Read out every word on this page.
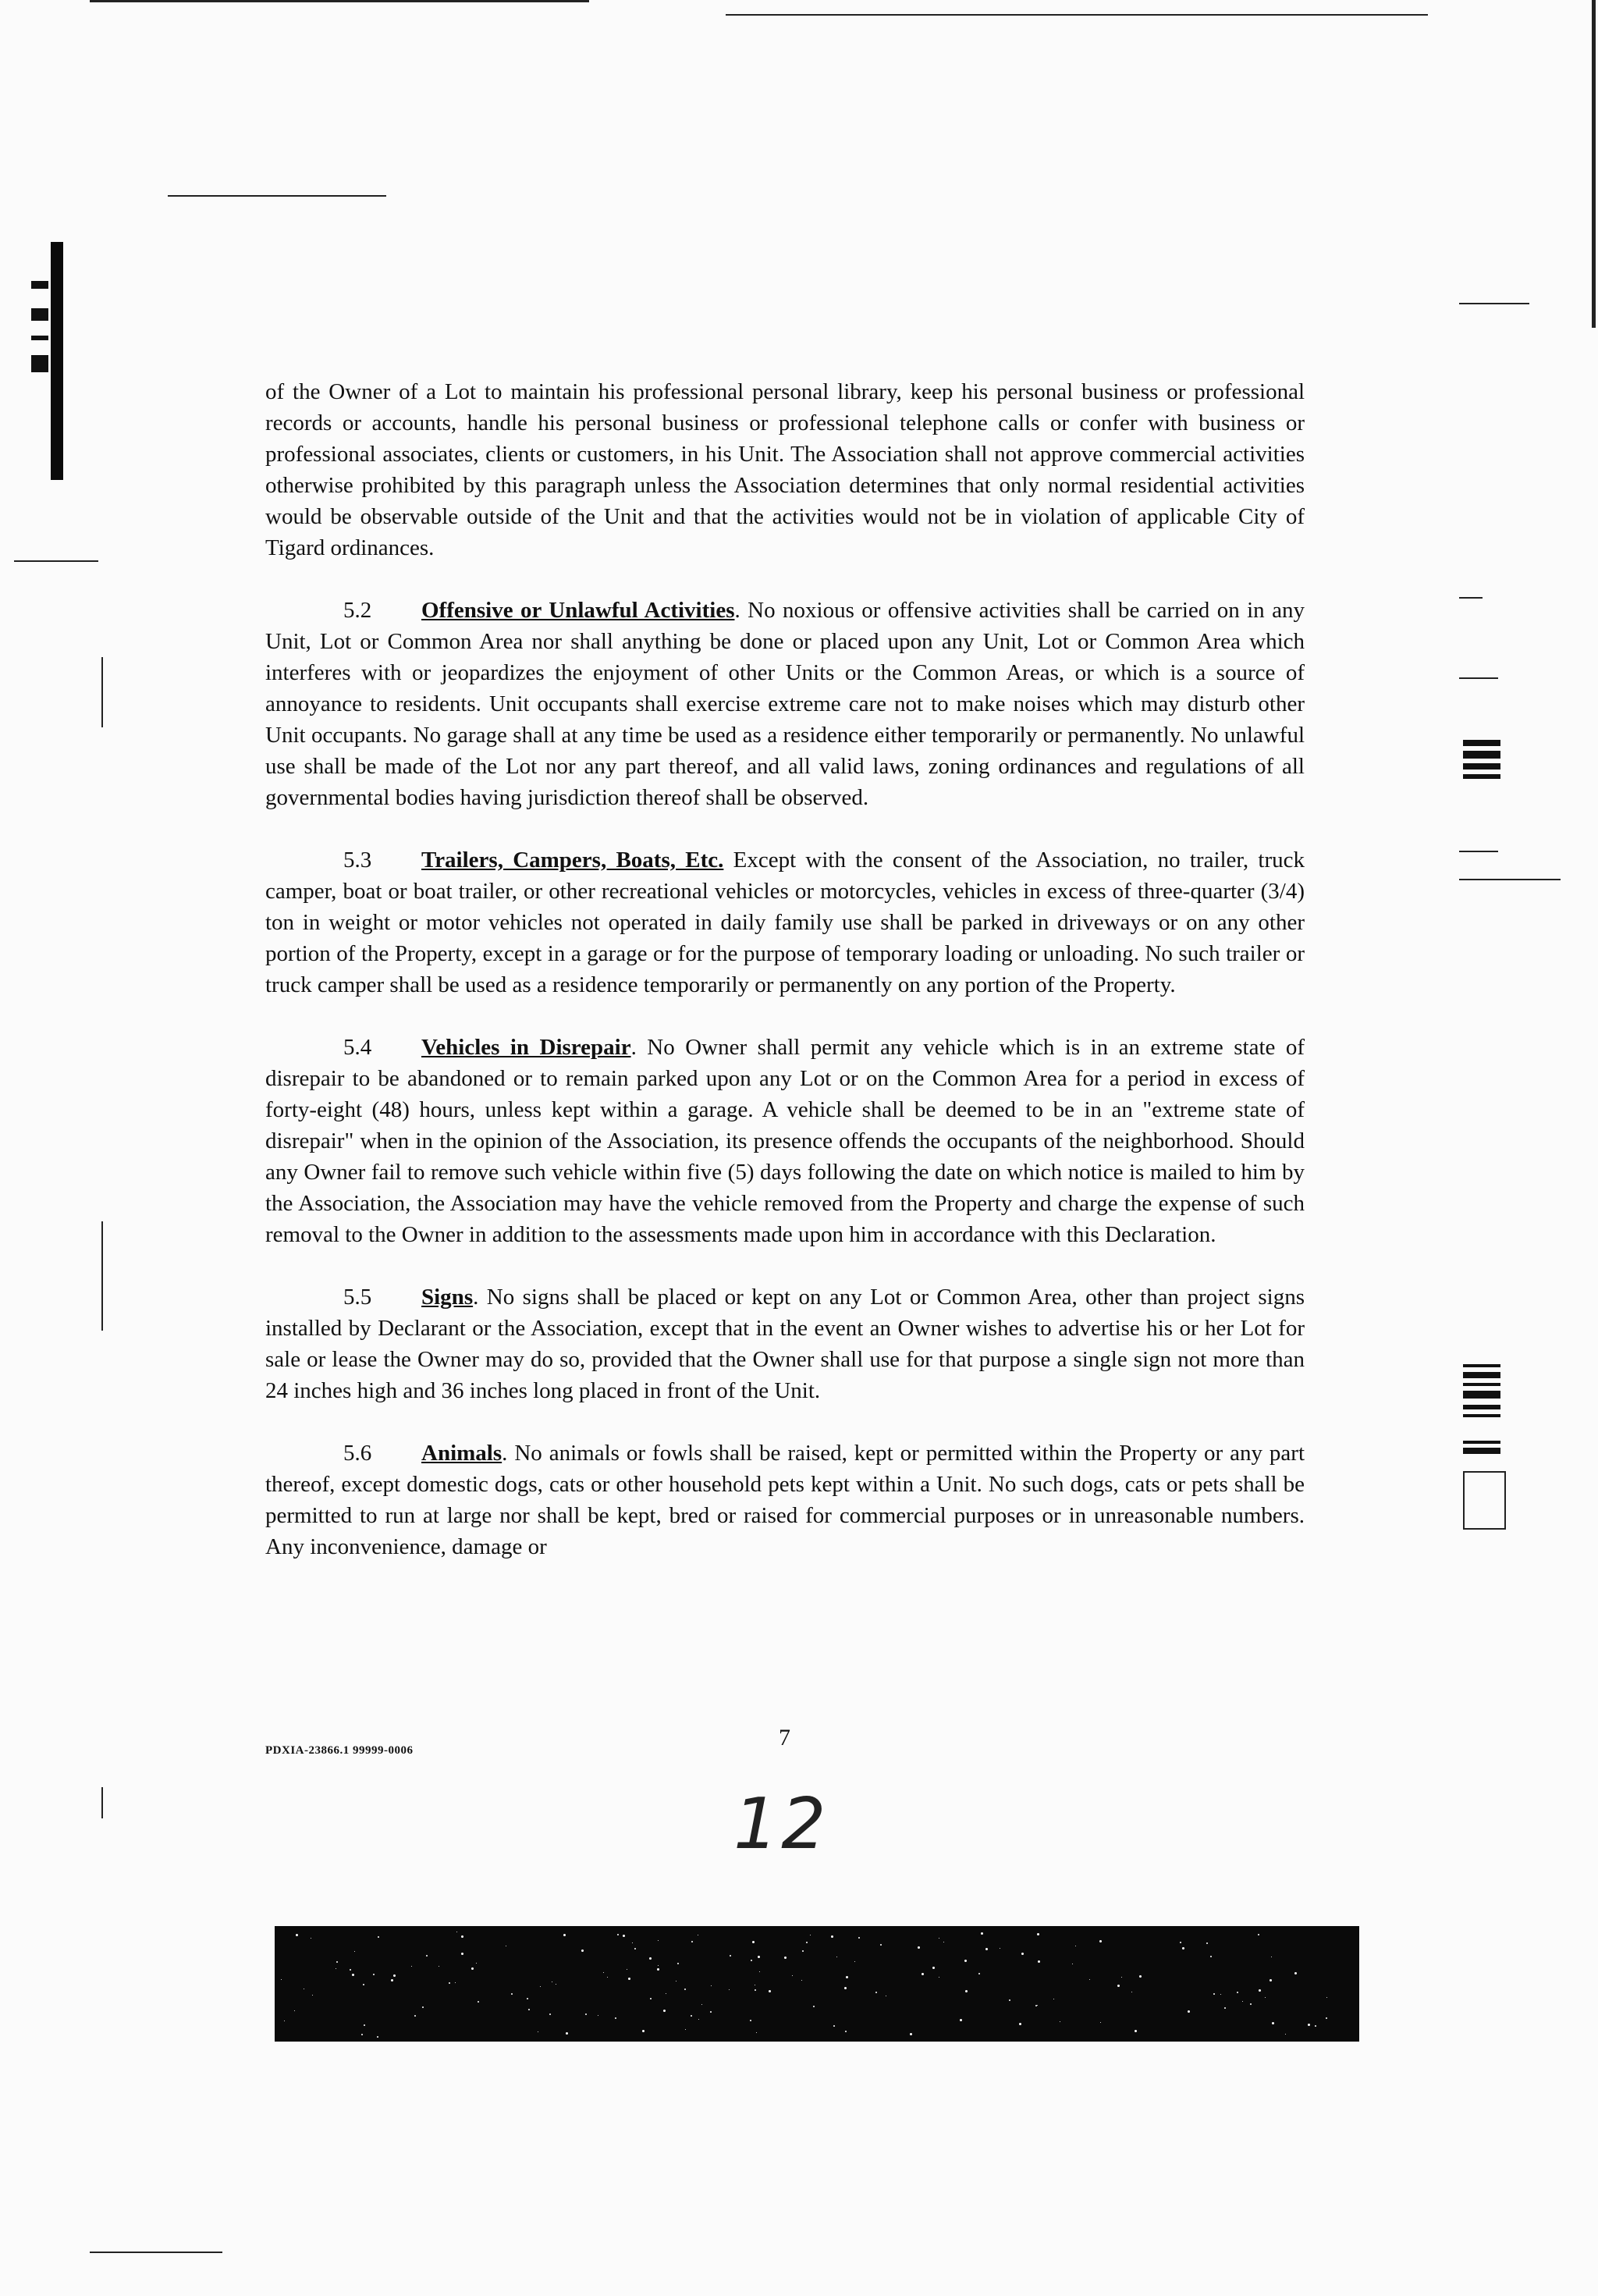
of the Owner of a Lot to maintain his professional personal library, keep his personal business or professional records or accounts, handle his personal business or professional telephone calls or confer with business or professional associates, clients or customers, in his Unit. The Association shall not approve commercial activities otherwise prohibited by this paragraph unless the Association determines that only normal residential activities would be observable outside of the Unit and that the activities would not be in violation of applicable City of Tigard ordinances.

5.2 Offensive or Unlawful Activities. No noxious or offensive activities shall be carried on in any Unit, Lot or Common Area nor shall anything be done or placed upon any Unit, Lot or Common Area which interferes with or jeopardizes the enjoyment of other Units or the Common Areas, or which is a source of annoyance to residents. Unit occupants shall exercise extreme care not to make noises which may disturb other Unit occupants. No garage shall at any time be used as a residence either temporarily or permanently. No unlawful use shall be made of the Lot nor any part thereof, and all valid laws, zoning ordinances and regulations of all governmental bodies having jurisdiction thereof shall be observed.

5.3 Trailers, Campers, Boats, Etc. Except with the consent of the Association, no trailer, truck camper, boat or boat trailer, or other recreational vehicles or motorcycles, vehicles in excess of three-quarter (3/4) ton in weight or motor vehicles not operated in daily family use shall be parked in driveways or on any other portion of the Property, except in a garage or for the purpose of temporary loading or unloading. No such trailer or truck camper shall be used as a residence temporarily or permanently on any portion of the Property.

5.4 Vehicles in Disrepair. No Owner shall permit any vehicle which is in an extreme state of disrepair to be abandoned or to remain parked upon any Lot or on the Common Area for a period in excess of forty-eight (48) hours, unless kept within a garage. A vehicle shall be deemed to be in an "extreme state of disrepair" when in the opinion of the Association, its presence offends the occupants of the neighborhood. Should any Owner fail to remove such vehicle within five (5) days following the date on which notice is mailed to him by the Association, the Association may have the vehicle removed from the Property and charge the expense of such removal to the Owner in addition to the assessments made upon him in accordance with this Declaration.

5.5 Signs. No signs shall be placed or kept on any Lot or Common Area, other than project signs installed by Declarant or the Association, except that in the event an Owner wishes to advertise his or her Lot for sale or lease the Owner may do so, provided that the Owner shall use for that purpose a single sign not more than 24 inches high and 36 inches long placed in front of the Unit.

5.6 Animals. No animals or fowls shall be raised, kept or permitted within the Property or any part thereof, except domestic dogs, cats or other household pets kept within a Unit. No such dogs, cats or pets shall be permitted to run at large nor shall be kept, bred or raised for commercial purposes or in unreasonable numbers. Any inconvenience, damage or

PDXIA-23866.1 99999-0006	7
12
